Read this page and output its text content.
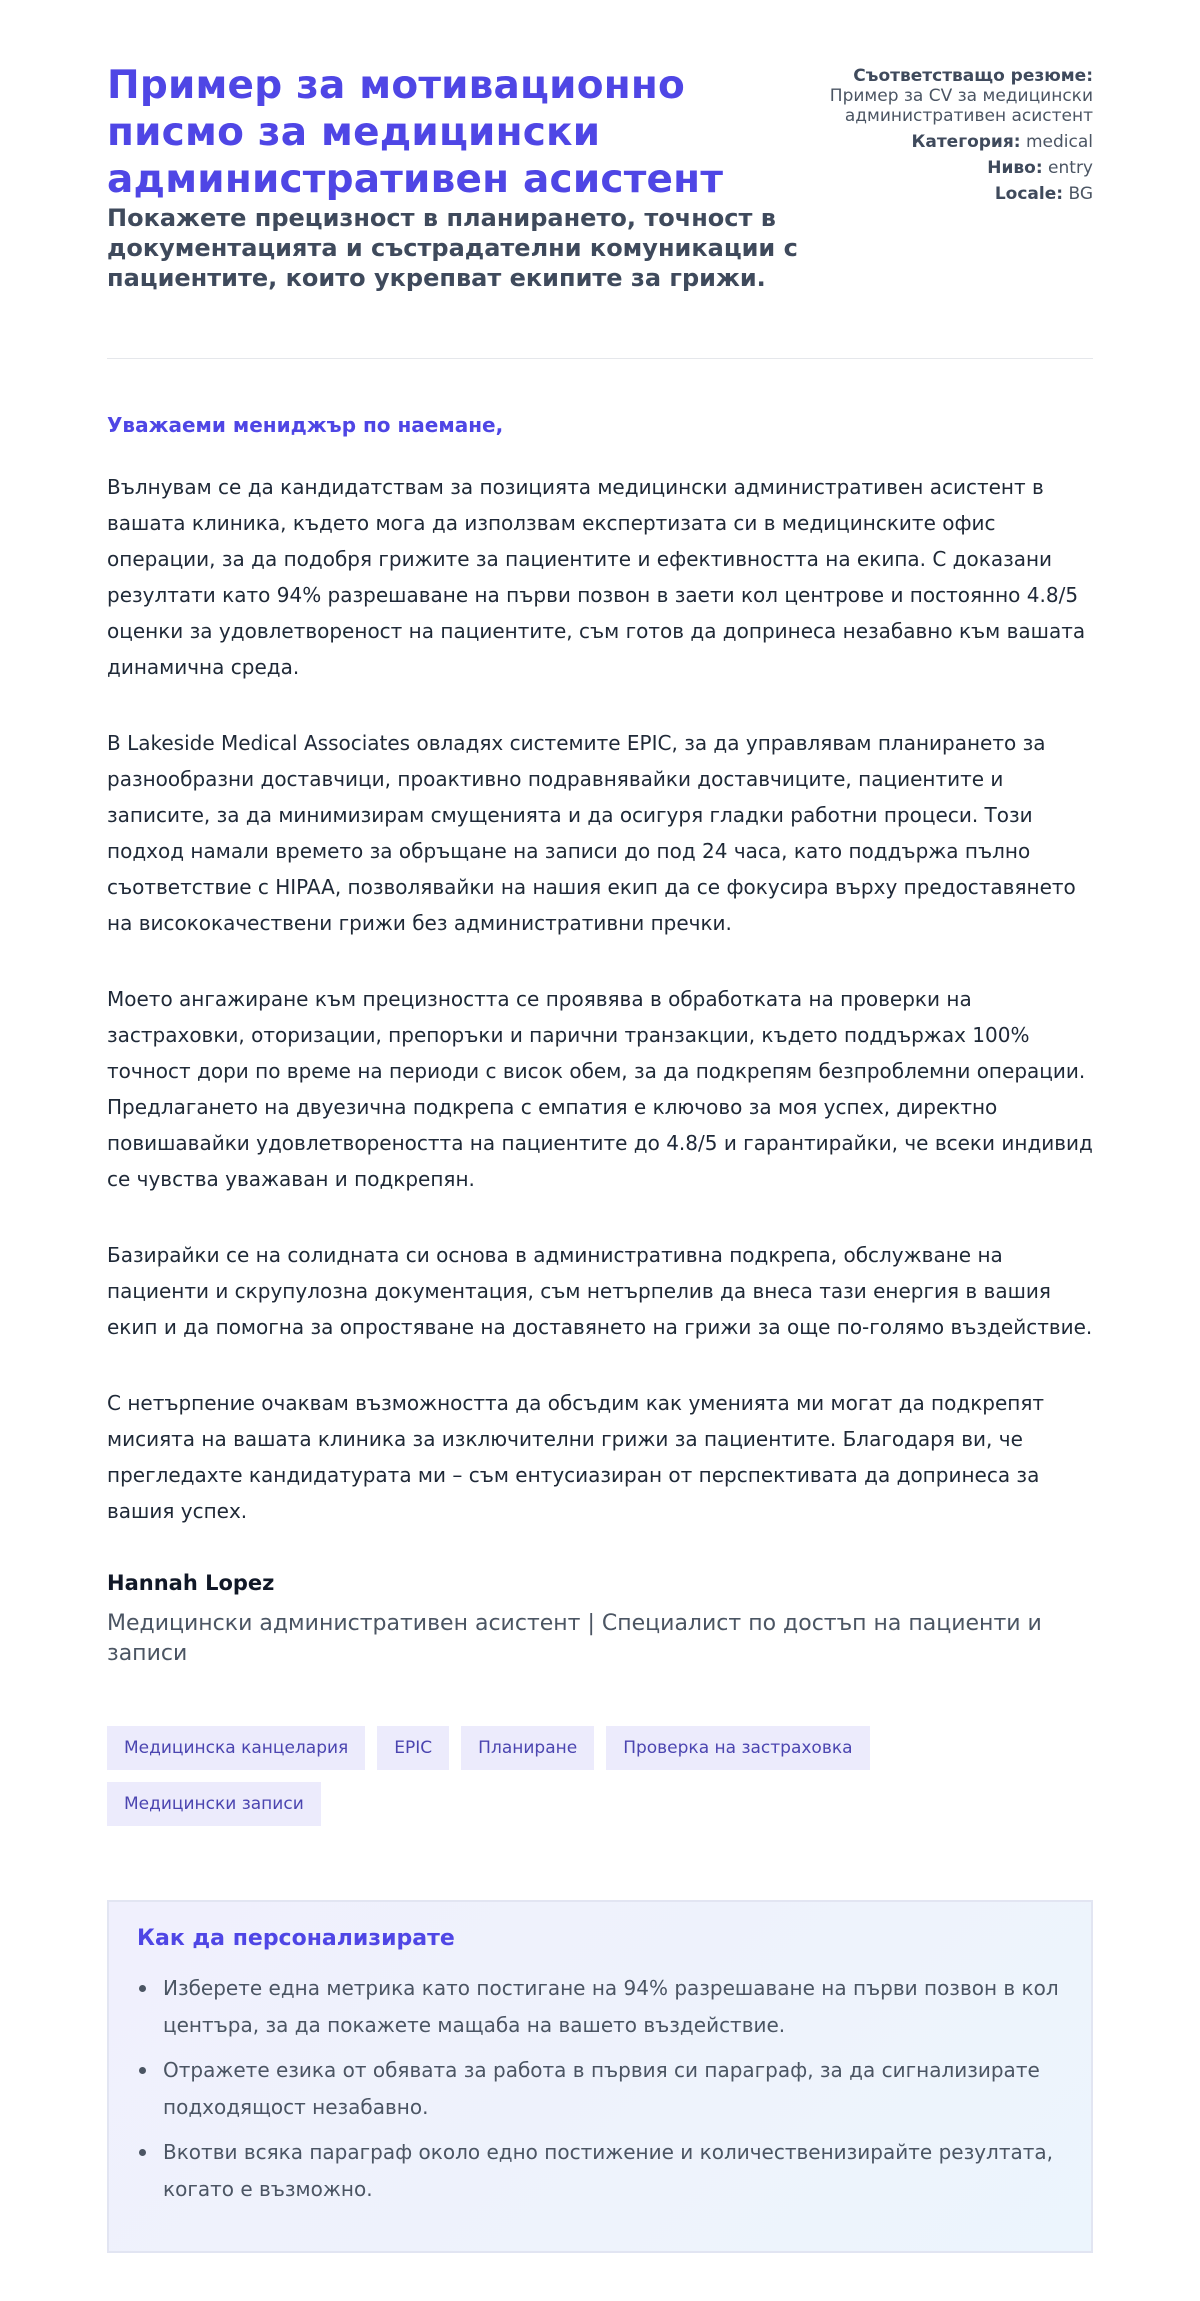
Пример за мотивационно писмо за медицински административен асистент

Покажете прецизност в планирането, точност в документацията и състрадателни комуникации с пациентите, които укрепват екипите за грижи.

Съответстващо резюме:
Пример за CV за медицински административен асистент
Категория: medical
Ниво: entry
Locale: BG
Уважаеми мениджър по наемане,

Вълнувам се да кандидатствам за позицията медицински административен асистент в вашата клиника, където мога да използвам експертизата си в медицинските офис операции, за да подобря грижите за пациентите и ефективността на екипа. С доказани резултати като 94% разрешаване на първи позвон в заети кол центрове и постоянно 4.8/5 оценки за удовлетвореност на пациентите, съм готов да допринеса незабавно към вашата динамична среда.

В Lakeside Medical Associates овладях системите EPIC, за да управлявам планирането за разнообразни доставчици, проактивно подравнявайки доставчиците, пациентите и записите, за да минимизирам смущенията и да осигуря гладки работни процеси. Този подход намали времето за обръщане на записи до под 24 часа, като поддържа пълно съответствие с HIPAA, позволявайки на нашия екип да се фокусира върху предоставянето на висококачествени грижи без административни пречки.

Моето ангажиране към прецизността се проявява в обработката на проверки на застраховки, оторизации, препоръки и парични транзакции, където поддържах 100% точност дори по време на периоди с висок обем, за да подкрепям безпроблемни операции. Предлагането на двуезична подкрепа с емпатия е ключово за моя успех, директно повишавайки удовлетвореността на пациентите до 4.8/5 и гарантирайки, че всеки индивид се чувства уважаван и подкрепян.

Базирайки се на солидната си основа в административна подкрепа, обслужване на пациенти и скрупулозна документация, съм нетърпелив да внеса тази енергия в вашия екип и да помогна за опростяване на доставянето на грижи за още по-голямо въздействие.

С нетърпение очаквам възможността да обсъдим как уменията ми могат да подкрепят мисията на вашата клиника за изключителни грижи за пациентите. Благодаря ви, че прегледахте кандидатурата ми – съм ентусиазиран от перспективата да допринеса за вашия успех.

Hannah Lopez
Медицински административен асистент | Специалист по достъп на пациенти и записи
Медицинска канцелария	EPIC	Планиране	Проверка на застраховка
Медицински записи
Как да персонализирате
Изберете една метрика като постигане на 94% разрешаване на първи позвон в кол центъра, за да покажете мащаба на вашето въздействие.
Отражете езика от обявата за работа в първия си параграф, за да сигнализирате подходящост незабавно.
Вкотви всяка параграф около едно постижение и количественизирайте резултата, когато е възможно.
